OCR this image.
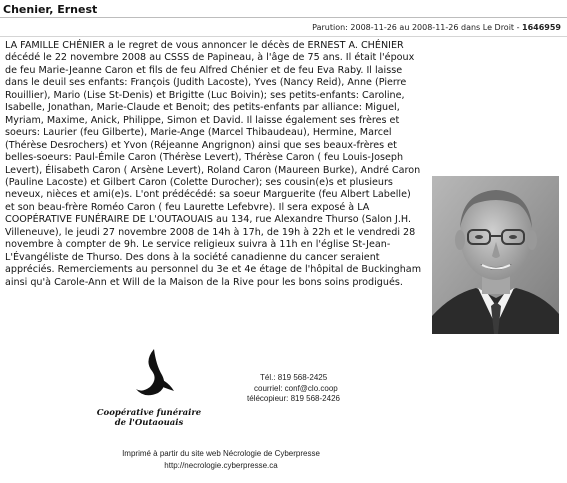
Chenier, Ernest
Parution: 2008-11-26 au 2008-11-26 dans Le Droit - 1646959

LA FAMILLE CHÉNIER a le regret de vous annoncer le décès de ERNEST A. CHÉNIER décédé le 22 novembre 2008 au CSSS de Papineau, à l'âge de 75 ans. Il était l'époux de feu Marie-Jeanne Caron et fils de feu Alfred Chénier et de feu Eva Raby. Il laisse dans le deuil ses enfants: François (Judith Lacoste), Yves (Nancy Reid), Anne (Pierre Rouillier), Mario (Lise St-Denis) et Brigitte (Luc Boivin); ses petits-enfants: Caroline, Isabelle, Jonathan, Marie-Claude et Benoit; des petits-enfants par alliance: Miguel, Myriam, Maxime, Anick, Philippe, Simon et David. Il laisse également ses frères et soeurs: Laurier (feu Gilberte), Marie-Ange (Marcel Thibaudeau), Hermine, Marcel (Thérèse Desrochers) et Yvon (Réjeanne Angrignon) ainsi que ses beaux-frères et belles-soeurs: Paul-Émile Caron (Thérèse Levert), Thérèse Caron ( feu Louis-Joseph Levert), Élisabeth Caron ( Arsène Levert), Roland Caron (Maureen Burke), André Caron (Pauline Lacoste) et Gilbert Caron (Colette Durocher); ses cousin(e)s et plusieurs neveux, nièces et ami(e)s. L'ont prédécédé: sa soeur Marguerite (feu Albert Labelle) et son beau-frère Roméo Caron ( feu Laurette Lefebvre). Il sera exposé à LA COOPÉRATIVE FUNÉRAIRE DE L'OUTAOUAIS au 134, rue Alexandre Thurso (Salon J.H. Villeneuve), le jeudi 27 novembre 2008 de 14h à 17h, de 19h à 22h et le vendredi 28 novembre à compter de 9h. Le service religieux suivra à 11h en l'église St-Jean-L'Évangéliste de Thurso. Des dons à la société canadienne du cancer seraient appréciés. Remerciements au personnel du 3e et 4e étage de l'hôpital de Buckingham ainsi qu'à Carole-Ann et Will de la Maison de la Rive pour les bons soins prodigués.

Coopérative funéraire
de l'Outaouais
Tél.: 819 568-2425
courriel: conf@clo.coop
télécopieur: 819 568-2426
Imprimé à partir du site web Nécrologie de Cyberpresse
http://necrologie.cyberpresse.ca
